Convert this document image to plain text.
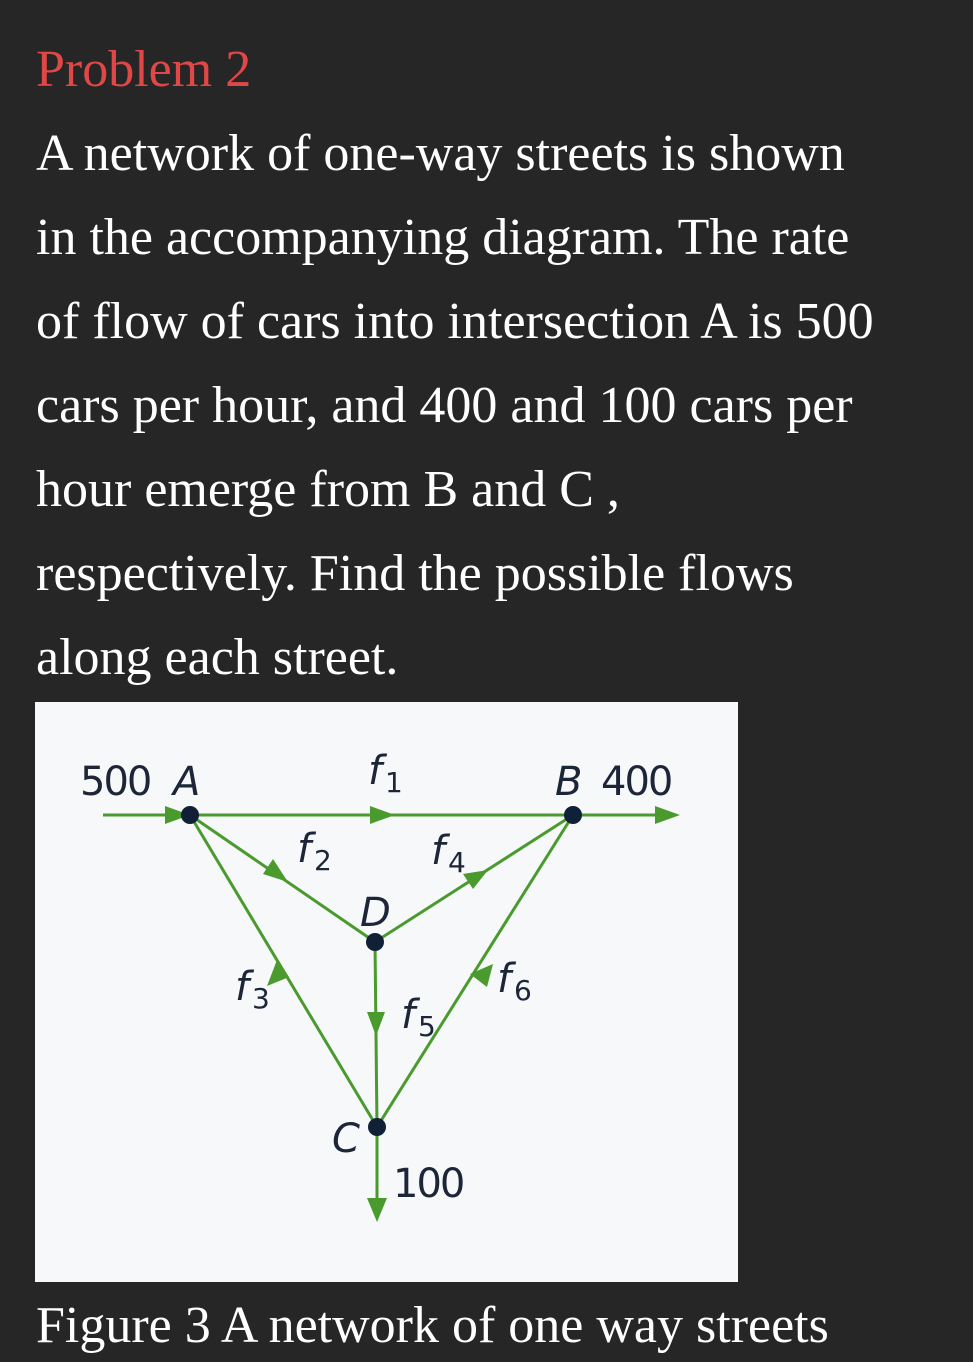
Problem 2
A network of one-way streets is shown
in the accompanying diagram. The rate
of flow of cars into intersection A is 500
cars per hour, and 400 and 100 cars per
hour emerge from B and C ,
respectively. Find the possible flows
along each street.
500 A	B 400
D
C
100
f 1
f 2
f 3
f 4
f 5
f 6

Figure 3 A network of one way streets
